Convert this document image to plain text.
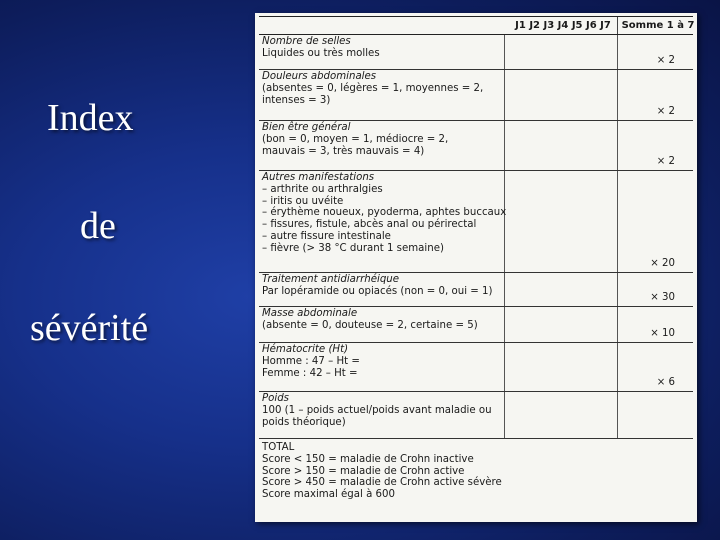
Index
de
sévérité
J1 J2 J3 J4 J5 J6 J7	Somme 1 à 7
Nombre de selles
Liquides ou très molles
× 2
Douleurs abdominales
(absentes = 0, légères = 1, moyennes = 2,
intenses = 3)
× 2
Bien être général
(bon = 0, moyen = 1, médiocre = 2,
mauvais = 3, très mauvais = 4)
× 2
Autres manifestations
– arthrite ou arthralgies
– iritis ou uvéite
– érythème noueux, pyoderma, aphtes buccaux
– fissures, fistule, abcès anal ou périrectal
– autre fissure intestinale
– fièvre (> 38 °C durant 1 semaine)
× 20
Traitement antidiarrhéique
Par lopéramide ou opiacés (non = 0, oui = 1)
× 30
Masse abdominale
(absente = 0, douteuse = 2, certaine = 5)
× 10
Hématocrite (Ht)
Homme : 47 – Ht =
Femme : 42 – Ht =
× 6
Poids
100 (1 – poids actuel/poids avant maladie ou
poids théorique)
TOTAL
Score < 150 = maladie de Crohn inactive
Score > 150 = maladie de Crohn active
Score > 450 = maladie de Crohn active sévère
Score maximal égal à 600
